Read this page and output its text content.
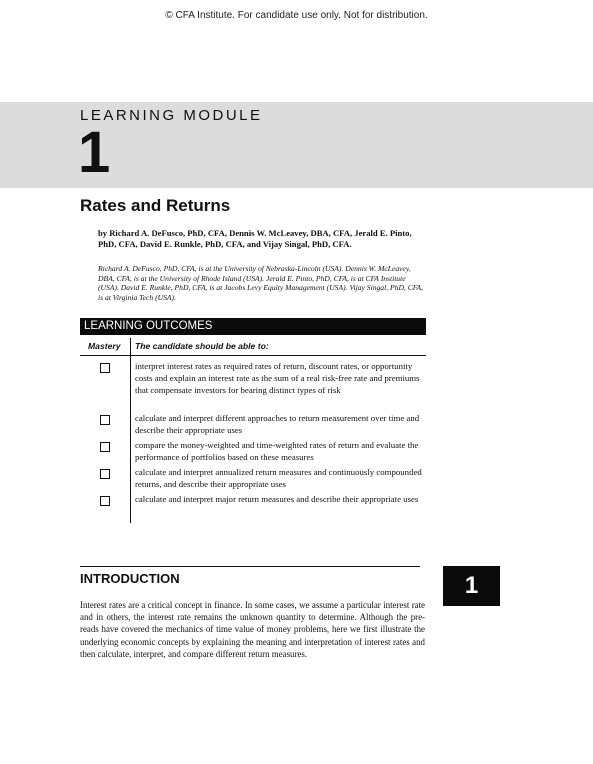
© CFA Institute. For candidate use only. Not for distribution.
LEARNING MODULE
1
Rates and Returns
by Richard A. DeFusco, PhD, CFA, Dennis W. McLeavey, DBA, CFA, Jerald E. Pinto, PhD, CFA, David E. Runkle, PhD, CFA, and Vijay Singal, PhD, CFA.
Richard A. DeFusco, PhD, CFA, is at the University of Nebraska-Lincoln (USA). Dennis W. McLeavey, DBA, CFA, is at the University of Rhode Island (USA). Jerald E. Pinto, PhD, CFA, is at CFA Institute (USA). David E. Runkle, PhD, CFA, is at Jacobs Levy Equity Management (USA). Vijay Singal, PhD, CFA, is at Virginia Tech (USA).
LEARNING OUTCOMES
Mastery The candidate should be able to:
interpret interest rates as required rates of return, discount rates, or opportunity costs and explain an interest rate as the sum of a real risk-free rate and premiums that compensate investors for bearing distinct types of risk
calculate and interpret different approaches to return measurement over time and describe their appropriate uses
compare the money-weighted and time-weighted rates of return and evaluate the performance of portfolios based on these measures
calculate and interpret annualized return measures and continuously compounded returns, and describe their appropriate uses
calculate and interpret major return measures and describe their appropriate uses
INTRODUCTION	1
Interest rates are a critical concept in finance. In some cases, we assume a particular interest rate and in others, the interest rate remains the unknown quantity to determine. Although the pre-reads have covered the mechanics of time value of money problems, here we first illustrate the underlying economic concepts by explaining the meaning and interpretation of interest rates and then calculate, interpret, and compare different return measures.
